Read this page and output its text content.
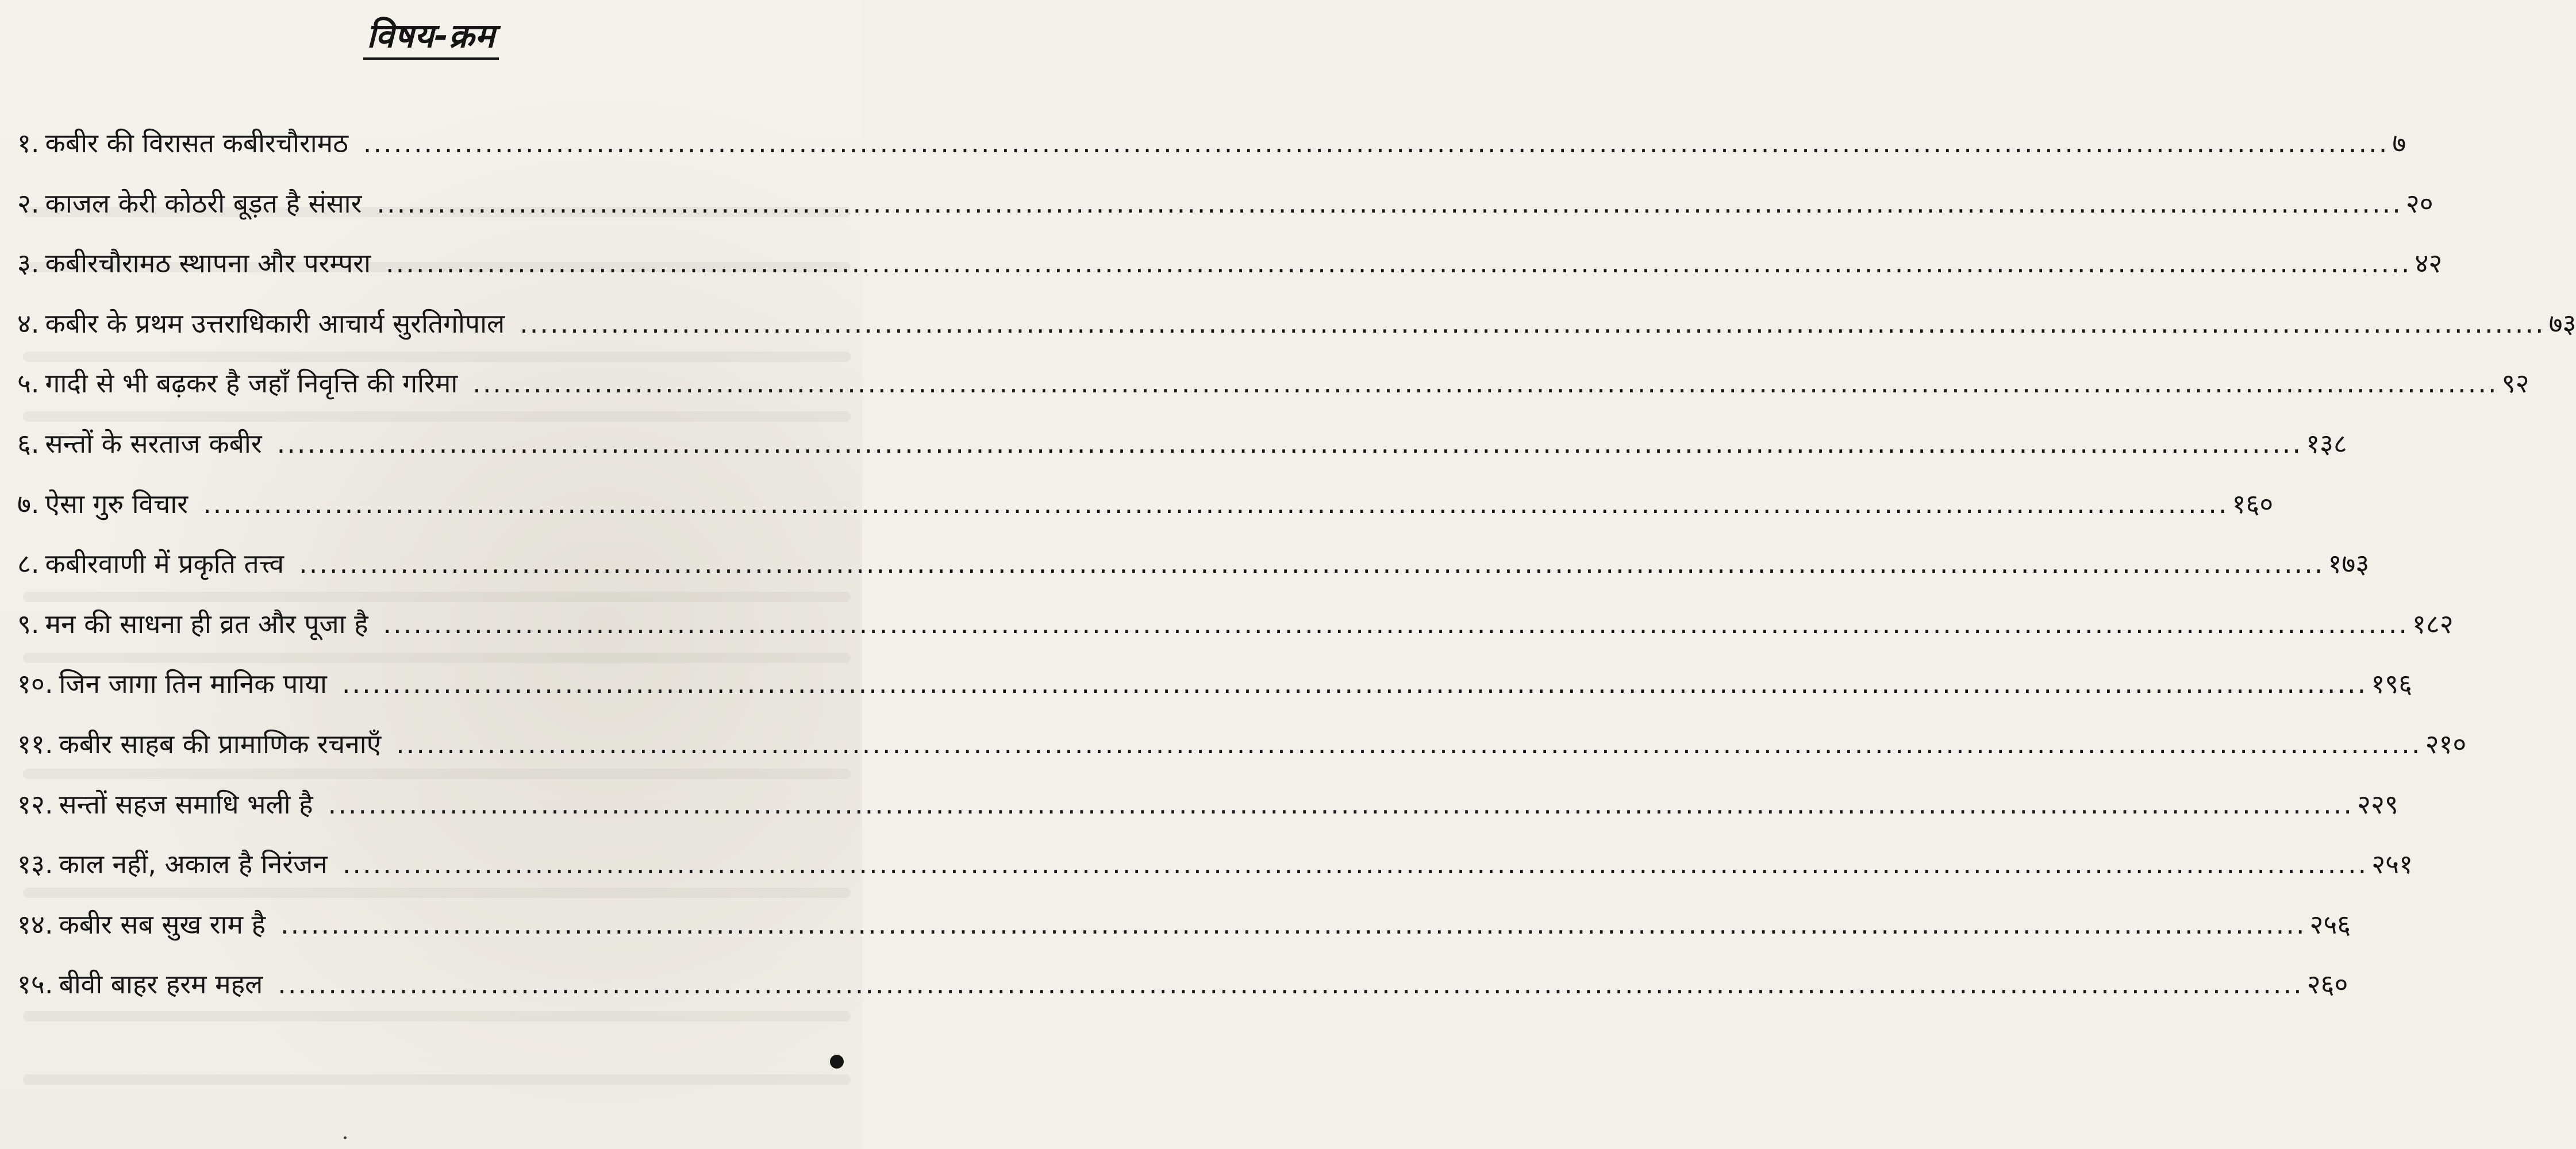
विषय-क्रम
१. कबीर की विरासत कबीरचौरामठ ........................................................................................................................................................................................................ ७
२. काजल केरी कोठरी बूड़त है संसार ........................................................................................................................................................................................................ २०
३. कबीरचौरामठ स्थापना और परम्परा ........................................................................................................................................................................................................ ४२
४. कबीर के प्रथम उत्तराधिकारी आचार्य सुरतिगोपाल ........................................................................................................................................................................................................ ७३
५. गादी से भी बढ़कर है जहाँ निवृत्ति की गरिमा ........................................................................................................................................................................................................ ९२
६. सन्तों के सरताज कबीर ........................................................................................................................................................................................................ १३८
७. ऐसा गुरु विचार ........................................................................................................................................................................................................ १६०
८. कबीरवाणी में प्रकृति तत्त्व ........................................................................................................................................................................................................ १७३
९. मन की साधना ही व्रत और पूजा है ........................................................................................................................................................................................................ १८२
१०. जिन जागा तिन मानिक पाया ........................................................................................................................................................................................................ १९६
११. कबीर साहब की प्रामाणिक रचनाएँ ........................................................................................................................................................................................................ २१०
१२. सन्तों सहज समाधि भली है ........................................................................................................................................................................................................ २२९
१३. काल नहीं, अकाल है निरंजन ........................................................................................................................................................................................................ २५१
१४. कबीर सब सुख राम है ........................................................................................................................................................................................................ २५६
१५. बीवी बाहर हरम महल ........................................................................................................................................................................................................ २६०
